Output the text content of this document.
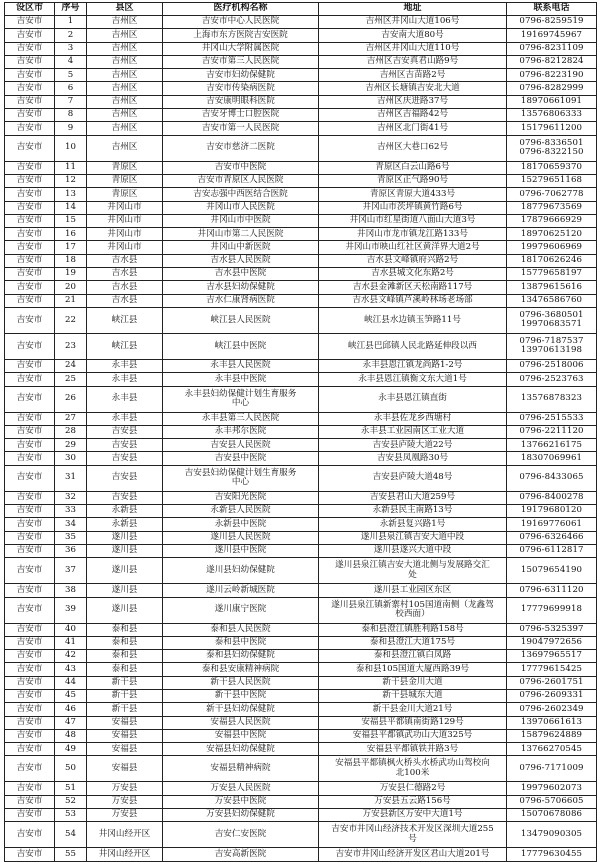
设区市	序号	县区	医疗机构名称	地址	联系电话
吉安市	1	吉州区	吉安市中心人民医院	吉州区井冈山大道106号	0796-8259519

吉安市	2	吉州区	上海市东方医院吉安医院	吉安南大道80号	19169745967

吉安市	3	吉州区	井冈山大学附属医院	吉州区井冈山大道110号	0796-8231109

吉安市	4	吉州区	吉安市第三人民医院	吉州区吉安真君山路9号	0796-8212824

吉安市	5	吉州区	吉安市妇幼保健院	吉州区吉苗路2号	0796-8223190

吉安市	6	吉州区	吉安市传染病医院	吉州区长塘镇吉安北大道	0796-8282999

吉安市	7	吉州区	吉安康明眼科医院	吉州区庆进路37号	18970661091

吉安市	8	吉州区	吉安牙博士口腔医院	吉州区吉福路42号	13576806333

吉安市	9	吉州区	吉安市第一人民医院	吉州区北门街41号	15179611200

吉安市	10	吉州区	吉安市慈济二医院	吉州区大巷口62号	0796-8336501
0796-8322150

吉安市	11	青原区	吉安市中医院	青原区白云山路6号	18170659370

吉安市	12	青原区	吉安市青原区人民医院	青原区正气路90号	15279651168

吉安市	13	青原区	吉安志强中西医结合医院	青原区青原大道433号	0796-7062778

吉安市	14	井冈山市	井冈山市人民医院	井冈山市茨坪镇黄竹路6号	18779673569

吉安市	15	井冈山市	井冈山市中医院	井冈山市红星街道八面山大道3号	17879666929

吉安市	16	井冈山市	井冈山市第二人民医院	井冈山市龙市镇龙江路133号	18970625120

吉安市	17	井冈山市	井冈山中新医院	井冈山市映山红社区黄洋界大道2号	19979606969

吉安市	18	吉水县	吉水县人民医院	吉水县文峰镇府兴路2号	18170626246

吉安市	19	吉水县	吉水县中医院	吉水县城文化东路2号	15779658197

吉安市	20	吉水县	吉水县妇幼保健院	吉水县金滩新区天松南路117号	13879615616

吉安市	21	吉水县	吉水仁康肾病医院	吉水县文峰镇芦溪岭林场老场部	13476586760

吉安市	22	峡江县	峡江县人民医院	峡江县水边镇玉笋路11号	0796-3680501
19970683571

吉安市	23	峡江县	峡江县中医院	峡江县巴邱镇人民北路延伸段以西	0796-7187537
13970613198

吉安市	24	永丰县	永丰县人民医院	永丰县恩江镇龙尚路1-2号	0796-2518006

吉安市	25	永丰县	永丰县中医院	永丰县恩江镇衡文东大道1号	0796-2523763

吉安市	26	永丰县	永丰县妇幼保健计划生育服务
中心	永丰县恩江镇直街	13576878323

吉安市	27	永丰县	永丰县第三人民医院	永丰县佐龙乡西塘村	0796-2515533

吉安市	28	吉安县	永丰邦尔医院	永丰县工业园南区工业大道	0796-2211120

吉安市	29	吉安县	吉安县人民医院	吉安县庐陵大道22号	13766216175

吉安市	30	吉安县	吉安县中医院	吉安县凤凰路30号	18307069961

吉安市	31	吉安县	吉安县妇幼保健计划生育服务
中心	吉安县庐陵大道48号	0796-8433065

吉安市	32	吉安县	吉安阳光医院	吉安县君山大道259号	0796-8400278

吉安市	33	永新县	永新县人民医院	永新县民主南路13号	19179680120

吉安市	34	永新县	永新县中医院	永新县复兴路1号	19169776061

吉安市	35	遂川县	遂川县人民医院	遂川县泉江镇吉安大道中段	0796-6326466

吉安市	36	遂川县	遂川县中医院	遂川县遂兴大道中段	0796-6112817

吉安市	37	遂川县	遂川县妇幼保健院	遂川县泉江镇吉安大道北侧与发展路交汇
处	15079654190

吉安市	38	遂川县	遂川云岭新城医院	遂川县工业园区东区	0796-6311120

吉安市	39	遂川县	遂川康宁医院	遂川县泉江镇新寨村105国道南侧（龙鑫驾
校西面）	17779699918

吉安市	40	泰和县	泰和县人民医院	泰和县澄江镇胜利路158号	0796-5325397

吉安市	41	泰和县	泰和县中医院	泰和县澄江大道175号	19047972656

吉安市	42	泰和县	泰和县妇幼保健院	泰和县澄江镇白凤路	13697965517

吉安市	43	泰和县	泰和县安康精神病院	泰和县105国道大厦西路39号	17779615425

吉安市	44	新干县	新干县人民医院	新干县金川大道	0796-2601751

吉安市	45	新干县	新干县中医院	新干县城东大道	0796-2609331

吉安市	46	新干县	新干县妇幼保健院	新干县金川大道21号	0796-2602349

吉安市	47	安福县	安福县人民医院	安福县平都镇南街路129号	13970661613

吉安市	48	安福县	安福县中医院	安福县平都镇武功山大道325号	15879624889

吉安市	49	安福县	安福县妇幼保健院	安福县平都镇铁井路3号	13766270545

吉安市	50	安福县	安福县精神病院	安福县平都镇枫火桥头水桥武功山驾校向
北100米	0796-7171009

吉安市	51	万安县	万安县人民医院	万安县仁德路2号	19979602073

吉安市	52	万安县	万安县中医院	万安县五云路156号	0796-5706605

吉安市	53	万安县	万安县妇幼保健院	万安县新区万安中大道1号	15070678086

吉安市	54	井冈山经开区	吉安仁安医院	吉安市井冈山经济技术开发区深圳大道255
号	13479090305

吉安市	55	井冈山经开区	吉安高新医院	吉安市井冈山经济开发区君山大道201号	17779630455
